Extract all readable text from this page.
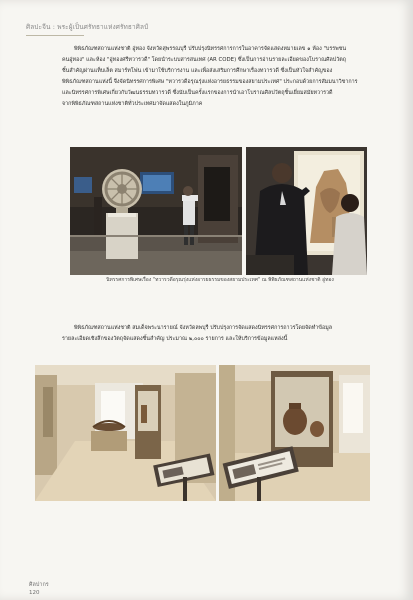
ศิลปะจีน : พระผู้เป็นศรัทธาแห่งศรัทธาศิลป์
พิพิธภัณฑสถานแห่งชาติ อู่ทอง จังหวัดสุพรรณบุรี ปรับปรุงนิทรรศการการในอาคารจัดแสดงหมายเลข ๑ ห้อง "บรรพชน
คนอู่ทอง" และห้อง "อู่ทองศรีทวารวดี" โดยนำระบบสารสนเทศ (AR CODE) ซึ่งเป็นการอ่านรายละเอียดของโบราณศิลปวัตถุ
ชิ้นสำคัญผ่านแท็บเล็ต สมาร์ทโฟน เข้ามาใช้บริการงาน และเพื่อส่งเสริมการศึกษาเรื่องทวารวดี ซึ่งเป็นหัวใจสำคัญของ
พิพิธภัณฑสถานแห่งนี้ จึงจัดนิทรรศการพิเศษ "ทวารวดีอรุณรุ่งแห่งอารยธรรมของสยามประเทศ" ประกอบด้วยการสัมมนาวิชาการ
และนิทรรศการพิเศษเกี่ยวกับวัฒนธรรมทวารวดี ซึ่งนับเป็นครั้งแรกของการนำเอาโบราณศิลปวัตถุชิ้นเยี่ยมสมัยทวารวดี
จากพิพิธภัณฑสถานแห่งชาติทั่วประเทศมาจัดแสดงในภูมิภาค
นิทรรศการพิเศษเรื่อง "ทวารวดีอรุณรุ่งแห่งอารยธรรมของสยามประเทศ" ณ พิพิธภัณฑสถานแห่งชาติ อู่ทอง
พิพิธภัณฑสถานแห่งชาติ สมเด็จพระนารายณ์ จังหวัดลพบุรี ปรับปรุงการจัดแสดงนิทรรศการถาวรโดยจัดทำข้อมูล
รายละเอียดเชิงลึกของวัตถุจัดแสดงชิ้นสำคัญ ประมาณ ๒,๐๐๐ รายการ และให้บริการข้อมูลแหล่งนี้
ศิลปากร
120
